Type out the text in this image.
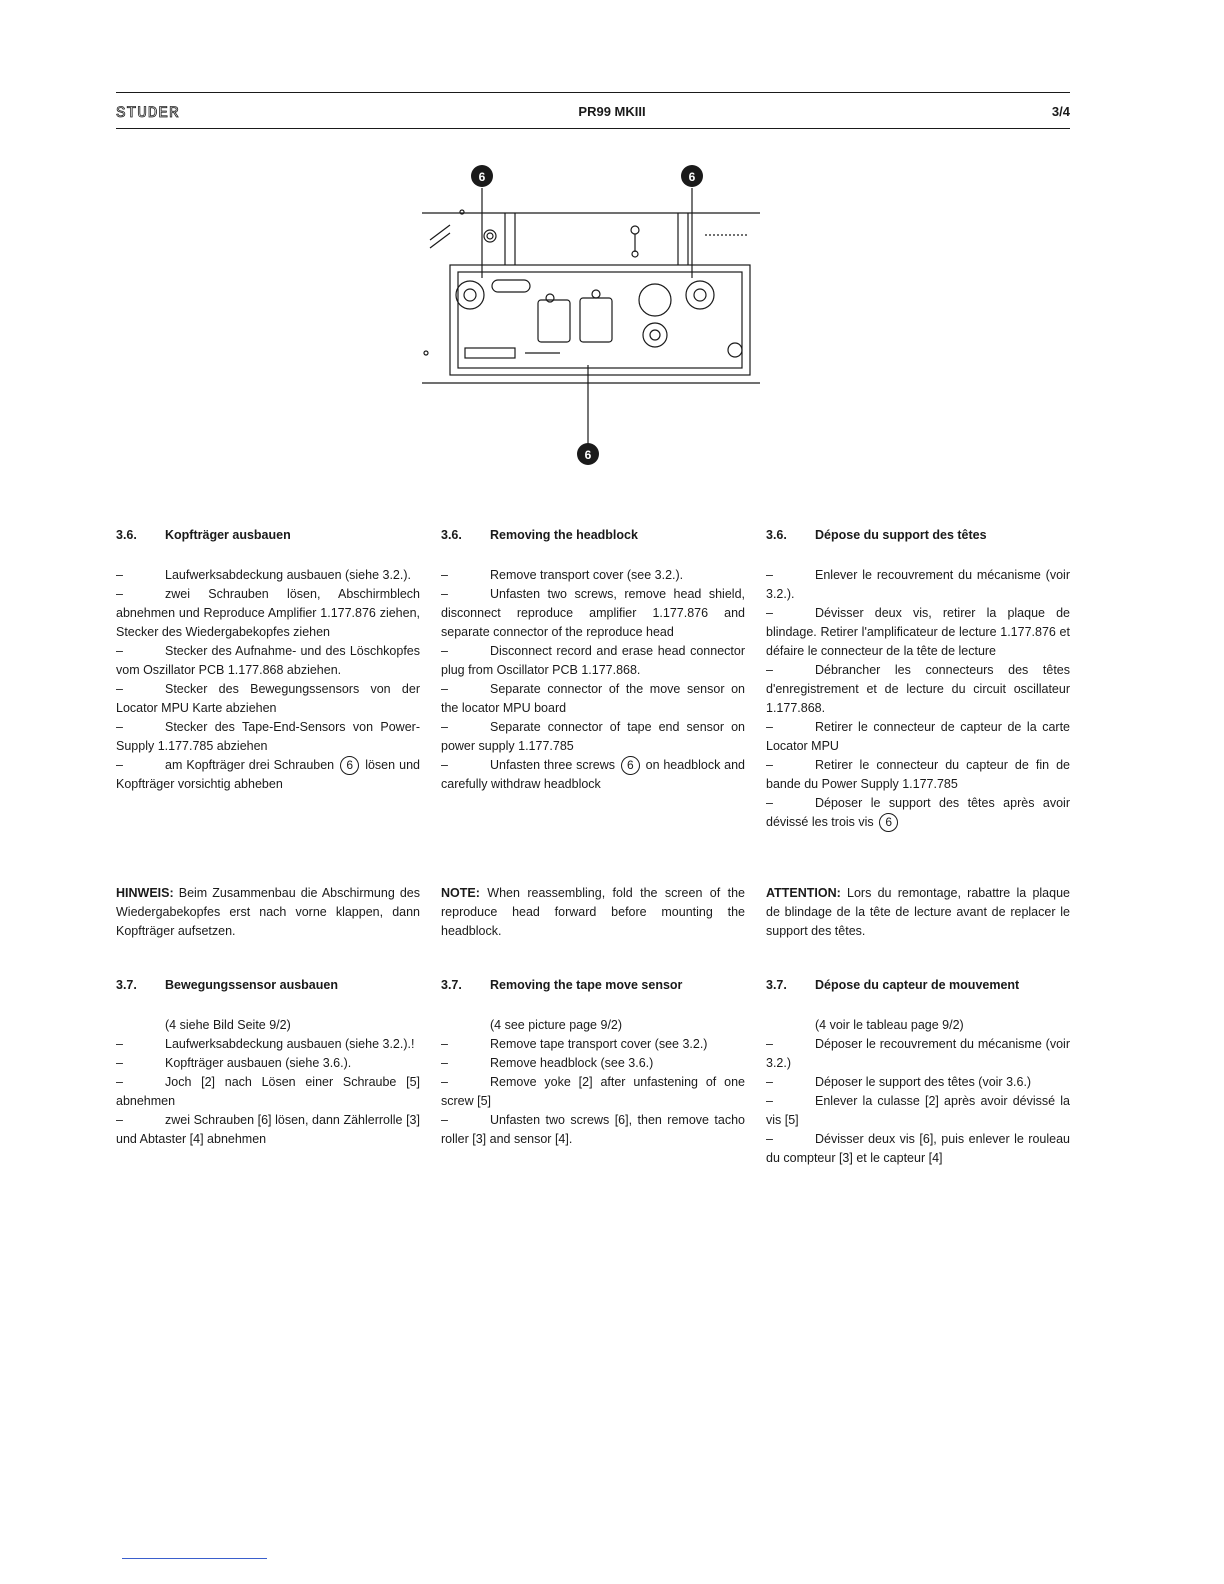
STUDER	PR99 MKIII	3/4
6	6
6
3.6. Kopfträger ausbauen	3.6. Removing the headblock	3.6. Dépose du support des têtes

–	Laufwerksabdeckung ausbauen (siehe 3.2.).

–	zwei Schrauben lösen, Abschirmblech abnehmen und Reproduce Amplifier 1.177.876 ziehen, Stecker des Wiedergabekopfes ziehen

–	Stecker des Aufnahme- und des Löschkopfes vom Oszillator PCB 1.177.868 abziehen.

–	Stecker des Bewegungssensors von der Locator MPU Karte abziehen

–	Stecker des Tape-End-Sensors von Power-Supply 1.177.785 abziehen

–	am Kopfträger drei Schrauben 6 lösen und Kopfträger vorsichtig abheben

–	Remove transport cover (see 3.2.).

–	Unfasten two screws, remove head shield, disconnect reproduce amplifier 1.177.876 and separate connector of the reproduce head

–	Disconnect record and erase head connector plug from Oscillator PCB 1.177.868.

–	Separate connector of the move sensor on the locator MPU board

–	Separate connector of tape end sensor on power supply 1.177.785

–	Unfasten three screws 6 on headblock and carefully withdraw headblock

–	Enlever le recouvrement du mécanisme (voir 3.2.).

–	Dévisser deux vis, retirer la plaque de blindage. Retirer l'amplificateur de lecture 1.177.876 et défaire le connecteur de la tête de lecture

–	Débrancher les connecteurs des têtes d'enregistrement et de lecture du circuit oscillateur 1.177.868.

–	Retirer le connecteur de capteur de la carte Locator MPU

–	Retirer le connecteur du capteur de fin de bande du Power Supply 1.177.785

–	Déposer le support des têtes après avoir dévissé les trois vis 6

HINWEIS: Beim Zusammenbau die Abschirmung des Wiedergabekopfes erst nach vorne klappen, dann Kopfträger aufsetzen.
NOTE: When reassembling, fold the screen of the reproduce head forward before mounting the headblock.
ATTENTION: Lors du remontage, rabattre la plaque de blindage de la tête de lecture avant de replacer le support des têtes.
3.7. Bewegungssensor ausbauen	3.7. Removing the tape move sensor	3.7. Dépose du capteur de mouvement

(4 siehe Bild Seite 9/2)

–	Laufwerksabdeckung ausbauen (siehe 3.2.).!

–	Kopfträger ausbauen (siehe 3.6.).

–	Joch [2] nach Lösen einer Schraube [5] abnehmen

–	zwei Schrauben [6] lösen, dann Zählerrolle [3] und Abtaster [4] abnehmen

(4 see picture page 9/2)

–	Remove tape transport cover (see 3.2.)

–	Remove headblock (see 3.6.)

–	Remove yoke [2] after unfastening of one screw [5]

–	Unfasten two screws [6], then remove tacho roller [3] and sensor [4].

(4 voir le tableau page 9/2)

–	Déposer le recouvrement du mécanisme (voir 3.2.)

–	Déposer le support des têtes (voir 3.6.)

–	Enlever la culasse [2] après avoir dévissé la vis [5]

–	Dévisser deux vis [6], puis enlever le rouleau du compteur [3] et le capteur [4]
